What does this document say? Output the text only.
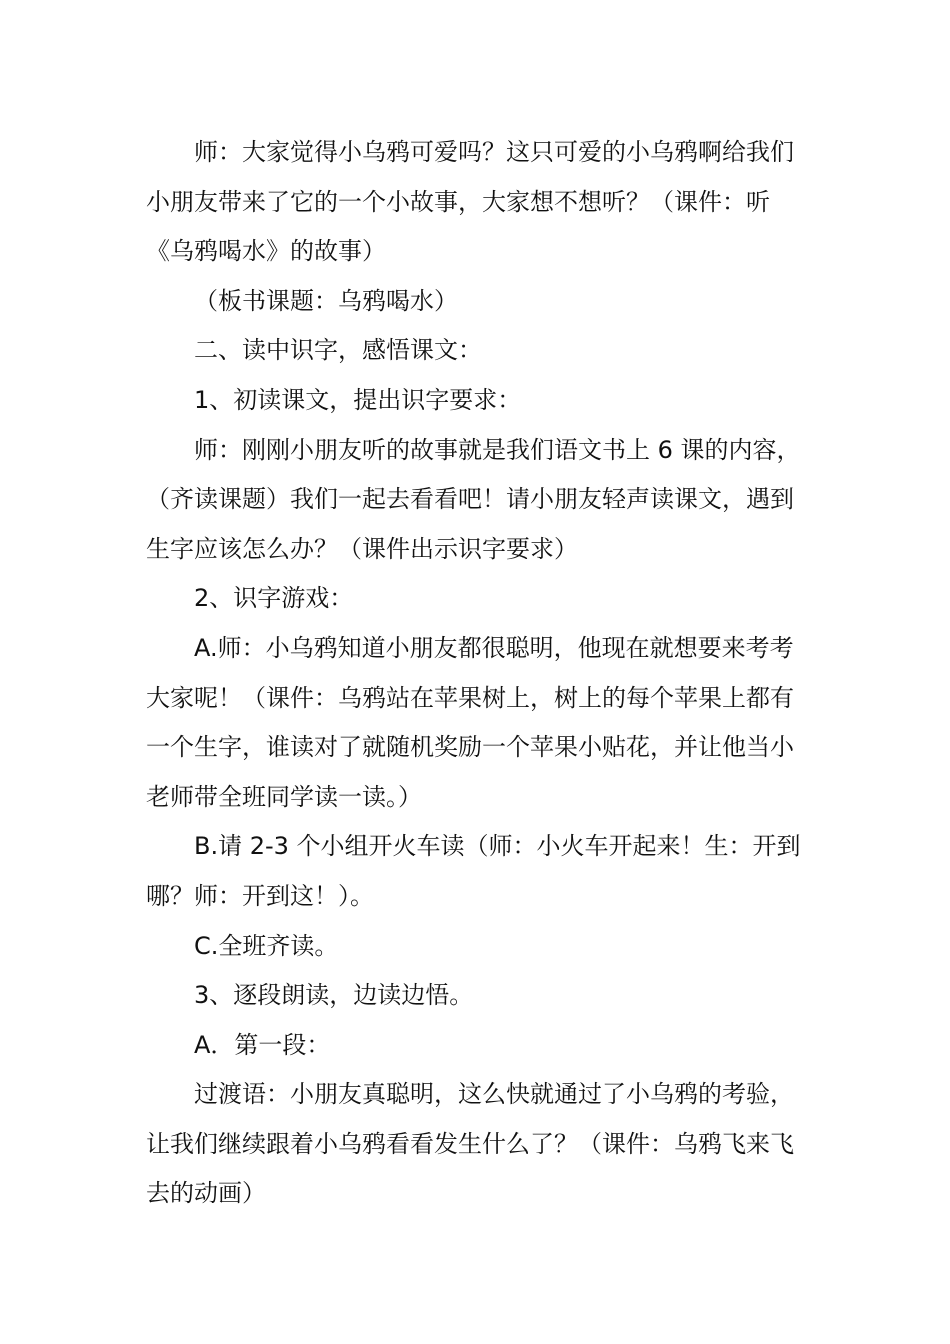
师：大家觉得小乌鸦可爱吗？这只可爱的小乌鸦啊给我们小朋友带来了它的一个小故事，大家想不想听？（课件：听《乌鸦喝水》的故事）

（板书课题：乌鸦喝水）

二、读中识字，感悟课文：

1、初读课文，提出识字要求：

师：刚刚小朋友听的故事就是我们语文书上 6 课的内容，（齐读课题）我们一起去看看吧！请小朋友轻声读课文，遇到生字应该怎么办？（课件出示识字要求）

2、识字游戏：

A.师：小乌鸦知道小朋友都很聪明，他现在就想要来考考大家呢！（课件：乌鸦站在苹果树上，树上的每个苹果上都有一个生字，谁读对了就随机奖励一个苹果小贴花，并让他当小老师带全班同学读一读。）

B.请 2-3 个小组开火车读（师：小火车开起来！生：开到哪？师：开到这！）。

C.全班齐读。

3、逐段朗读，边读边悟。

A．第一段：

过渡语：小朋友真聪明，这么快就通过了小乌鸦的考验，让我们继续跟着小乌鸦看看发生什么了？（课件：乌鸦飞来飞去的动画）
